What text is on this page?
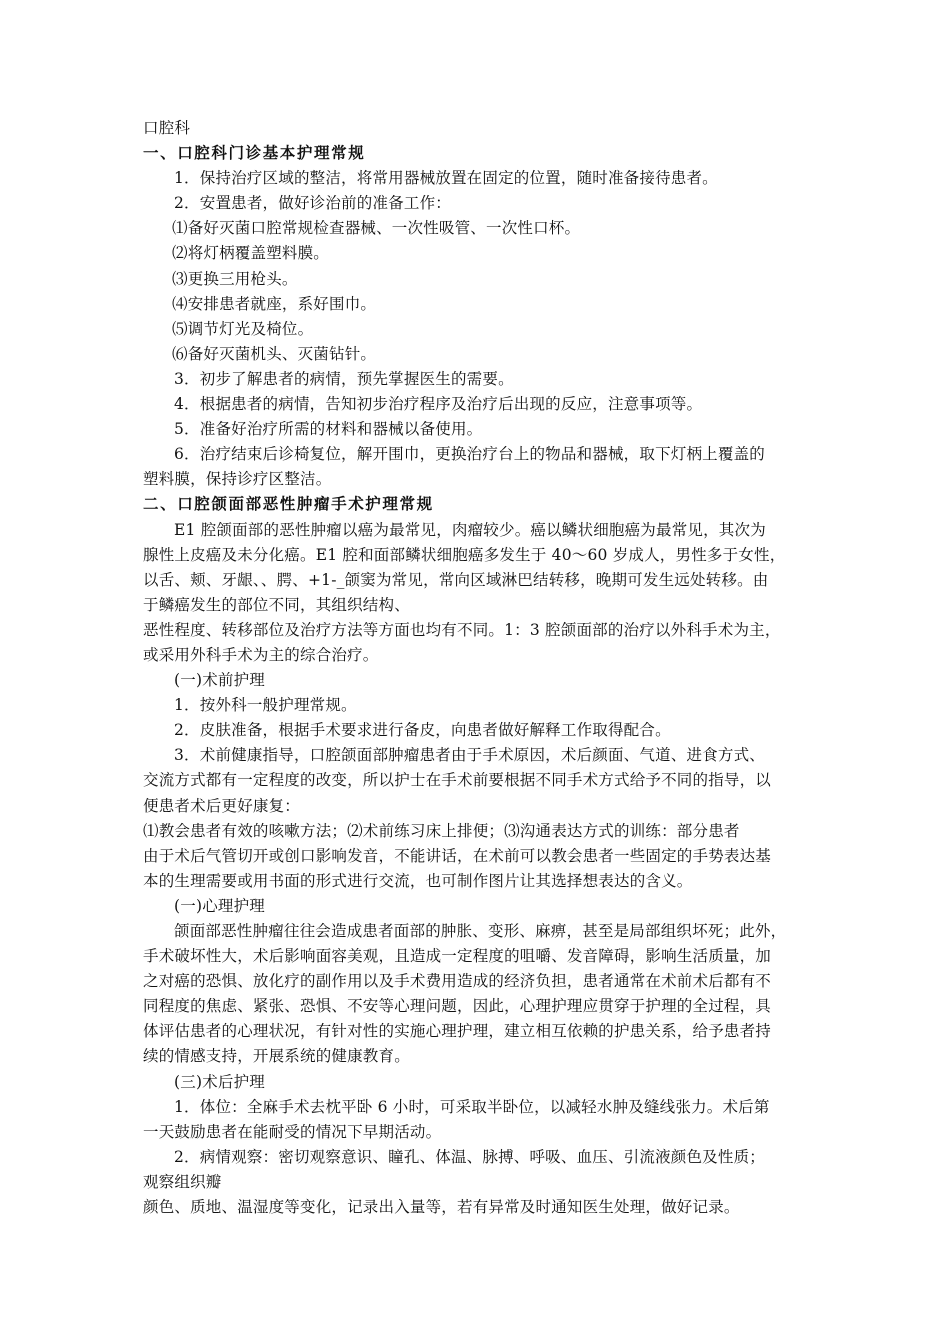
口腔科
一、口腔科门诊基本护理常规
1．保持治疗区域的整洁，将常用器械放置在固定的位置，随时准备接待患者。
2．安置患者，做好诊治前的准备工作：
⑴备好灭菌口腔常规检查器械、一次性吸管、一次性口杯。
⑵将灯柄覆盖塑料膜。
⑶更换三用枪头。
⑷安排患者就座，系好围巾。
⑸调节灯光及椅位。
⑹备好灭菌机头、灭菌钻针。
3．初步了解患者的病情，预先掌握医生的需要。
4．根据患者的病情，告知初步治疗程序及治疗后出现的反应，注意事项等。
5．准备好治疗所需的材料和器械以备使用。
6．治疗结束后诊椅复位，解开围巾，更换治疗台上的物品和器械，取下灯柄上覆盖的
塑料膜，保持诊疗区整洁。
二、口腔颌面部恶性肿瘤手术护理常规
E1 腔颌面部的恶性肿瘤以癌为最常见，肉瘤较少。癌以鳞状细胞癌为最常见，其次为
腺性上皮癌及未分化癌。E1 腔和面部鳞状细胞癌多发生于 40～60 岁成人，男性多于女性，
以舌、颊、牙龈、、腭、+1-_颌窦为常见，常向区域淋巴结转移，晚期可发生远处转移。由
于鳞癌发生的部位不同，其组织结构、
恶性程度、转移部位及治疗方法等方面也均有不同。1：3 腔颌面部的治疗以外科手术为主，
或采用外科手术为主的综合治疗。
(一)术前护理
1．按外科一般护理常规。
2．皮肤准备，根据手术要求进行备皮，向患者做好解释工作取得配合。
3．术前健康指导，口腔颌面部肿瘤患者由于手术原因，术后颜面、气道、进食方式、
交流方式都有一定程度的改变，所以护士在手术前要根据不同手术方式给予不同的指导，以
便患者术后更好康复：
⑴教会患者有效的咳嗽方法；⑵术前练习床上排便；⑶沟通表达方式的训练：部分患者
由于术后气管切开或创口影响发音，不能讲话，在术前可以教会患者一些固定的手势表达基
本的生理需要或用书面的形式进行交流，也可制作图片让其选择想表达的含义。
(一)心理护理
颌面部恶性肿瘤往往会造成患者面部的肿胀、变形、麻痹，甚至是局部组织坏死；此外，
手术破坏性大，术后影响面容美观，且造成一定程度的咀嚼、发音障碍，影响生活质量，加
之对癌的恐惧、放化疗的副作用以及手术费用造成的经济负担，患者通常在术前术后都有不
同程度的焦虑、紧张、恐惧、不安等心理问题，因此，心理护理应贯穿于护理的全过程，具
体评估患者的心理状况，有针对性的实施心理护理，建立相互依赖的护患关系，给予患者持
续的情感支持，开展系统的健康教育。
(三)术后护理
1．体位：全麻手术去枕平卧 6 小时，可采取半卧位，以减轻水肿及缝线张力。术后第
一天鼓励患者在能耐受的情况下早期活动。
2．病情观察：密切观察意识、瞳孔、体温、脉搏、呼吸、血压、引流液颜色及性质；
观察组织瓣
颜色、质地、温湿度等变化，记录出入量等，若有异常及时通知医生处理，做好记录。
